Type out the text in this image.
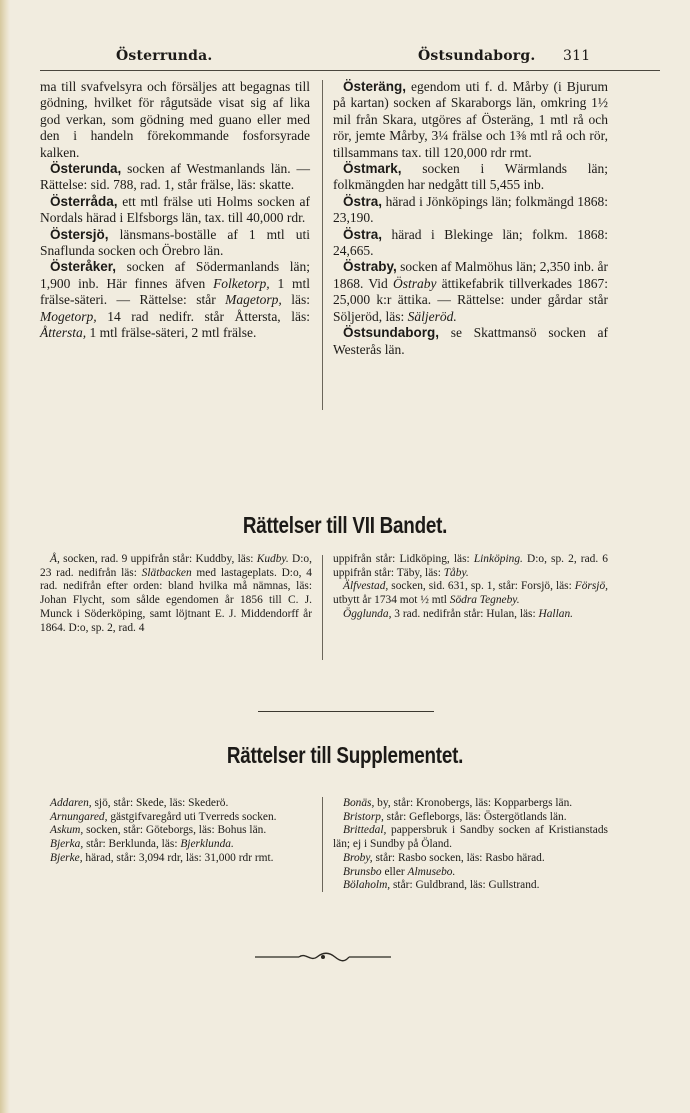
Österrunda.	Östsundaborg. 311

ma till svafvelsyra och försäljes att begagnas till gödning, hvilket för rågutsäde visat sig af lika god verkan, som gödning med guano eller med den i handeln förekommande fosforsyrade kalken.

Österunda, socken af Westmanlands län. — Rättelse: sid. 788, rad. 1, står frälse, läs: skatte.

Österråda, ett mtl frälse uti Holms socken af Nordals härad i Elfsborgs län, tax. till 40,000 rdr.

Östersjö, länsmans-boställe af 1 mtl uti Snaflunda socken och Örebro län.

Österåker, socken af Södermanlands län; 1,900 inb. Här finnes äfven Folketorp, 1 mtl frälse-säteri. — Rättelse: står Magetorp, läs: Mogetorp, 14 rad nedifr. står Åttersta, läs: Åttersta, 1 mtl frälse-säteri, 2 mtl frälse.

Österäng, egendom uti f. d. Mårby (i Bjurum på kartan) socken af Skaraborgs län, omkring 1½ mil från Skara, utgöres af Österäng, 1 mtl rå och rör, jemte Mårby, 3¼ frälse och 1⅜ mtl rå och rör, tillsammans tax. till 120,000 rdr rmt.

Östmark, socken i Wärmlands län; folkmängden har nedgått till 5,455 inb.

Östra, härad i Jönköpings län; folkmängd 1868: 23,190.

Östra, härad i Blekinge län; folkm. 1868: 24,665.

Östraby, socken af Malmöhus län; 2,350 inb. år 1868. Vid Östraby ättikefabrik tillverkades 1867: 25,000 k:r ättika. — Rättelse: under gårdar står Söljeröd, läs: Säljeröd.

Östsundaborg, se Skattmansö socken af Westerås län.

Rättelser till VII Bandet.

Å, socken, rad. 9 uppifrån står: Kuddby, läs: Kudby. D:o, 23 rad. nedifrån läs: Slätbacken med lastageplats. D:o, 4 rad. nedifrån efter orden: bland hvilka må nämnas, läs: Johan Flycht, som sålde egendomen år 1856 till C. J. Munck i Söderköping, samt löjtnant E. J. Middendorff år 1864. D:o, sp. 2, rad. 4

uppifrån står: Lidköping, läs: Linköping. D:o, sp. 2, rad. 6 uppifrån står: Täby, läs: Tåby.

Älfvestad, socken, sid. 631, sp. 1, står: Forsjö, läs: Försjö, utbytt år 1734 mot ½ mtl Södra Tegneby.

Ögglunda, 3 rad. nedifrån står: Hulan, läs: Hallan.

Rättelser till Supplementet.

Addaren, sjö, står: Skede, läs: Skederö.

Arnungared, gästgifvaregård uti Tverreds socken.

Askum, socken, står: Göteborgs, läs: Bohus län.

Bjerka, står: Berklunda, läs: Bjerklunda.

Bjerke, härad, står: 3,094 rdr, läs: 31,000 rdr rmt.

Bonäs, by, står: Kronobergs, läs: Kopparbergs län.

Bristorp, står: Gefleborgs, läs: Östergötlands län.

Brittedal, pappersbruk i Sandby socken af Kristianstads län; ej i Sundby på Öland.

Broby, står: Rasbo socken, läs: Rasbo härad.

Brunsbo eller Almusebo.

Bölaholm, står: Guldbrand, läs: Gullstrand.
